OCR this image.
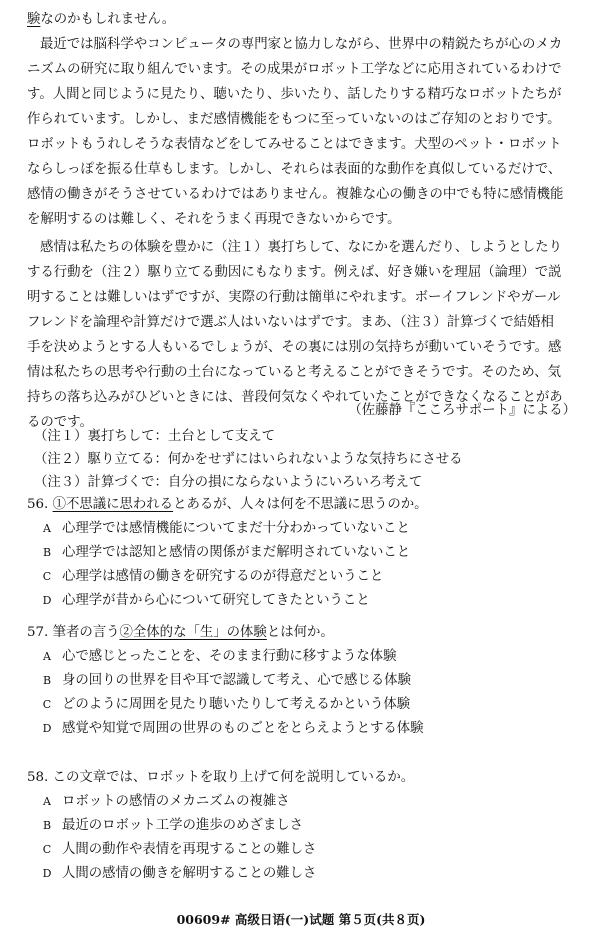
験なのかもしれません。
最近では脳科学やコンピュータの専門家と協力しながら、世界中の精鋭たちが心のメカ
ニズムの研究に取り組んでいます。その成果がロボット工学などに応用されているわけで
す。人間と同じように見たり、聴いたり、歩いたり、話したりする精巧なロボットたちが
作られています。しかし、まだ感情機能をもつに至っていないのはご存知のとおりです。
ロボットもうれしそうな表情などをしてみせることはできます。犬型のペット・ロボット
ならしっぽを振る仕草もします。しかし、それらは表面的な動作を真似しているだけで、
感情の働きがそうさせているわけではありません。複雑な心の働きの中でも特に感情機能
を解明するのは難しく、それをうまく再現できないからです。
感情は私たちの体験を豊かに（注１）裏打ちして、なにかを選んだり、しようとしたり
する行動を（注２）駆り立てる動因にもなります。例えば、好き嫌いを理屈（論理）で説
明することは難しいはずですが、実際の行動は簡単にやれます。ボーイフレンドやガール
フレンドを論理や計算だけで選ぶ人はいないはずです。まあ、（注３）計算づくで結婚相
手を決めようとする人もいるでしょうが、その裏には別の気持ちが動いていそうです。感
情は私たちの思考や行動の土台になっていると考えることができそうです。そのため、気
持ちの落ち込みがひどいときには、普段何気なくやれていたことができなくなることがあ
るのです。
（佐藤静『こころサポート』による）
（注１）裏打ちして：土台として支えて
（注２）駆り立てる：何かをせずにはいられないような気持ちにさせる
（注３）計算づくで：自分の損にならないようにいろいろ考えて
56. ①不思議に思われるとあるが、人々は何を不思議に思うのか。
A 心理学では感情機能についてまだ十分わかっていないこと
B 心理学では認知と感情の関係がまだ解明されていないこと
C 心理学は感情の働きを研究するのが得意だということ
D 心理学が昔から心について研究してきたということ
57. 筆者の言う②全体的な「生」の体験とは何か。
A 心で感じとったことを、そのまま行動に移すような体験
B 身の回りの世界を目や耳で認識して考え、心で感じる体験
C どのように周囲を見たり聴いたりして考えるかという体験
D 感覚や知覚で周囲の世界のものごとをとらえようとする体験
58. この文章では、ロボットを取り上げて何を説明しているか。
A ロボットの感情のメカニズムの複雑さ
B 最近のロボット工学の進歩のめざましさ
C 人間の動作や表情を再現することの難しさ
D 人間の感情の働きを解明することの難しさ
00609# 高级日语(一)试题 第５页(共８页)
